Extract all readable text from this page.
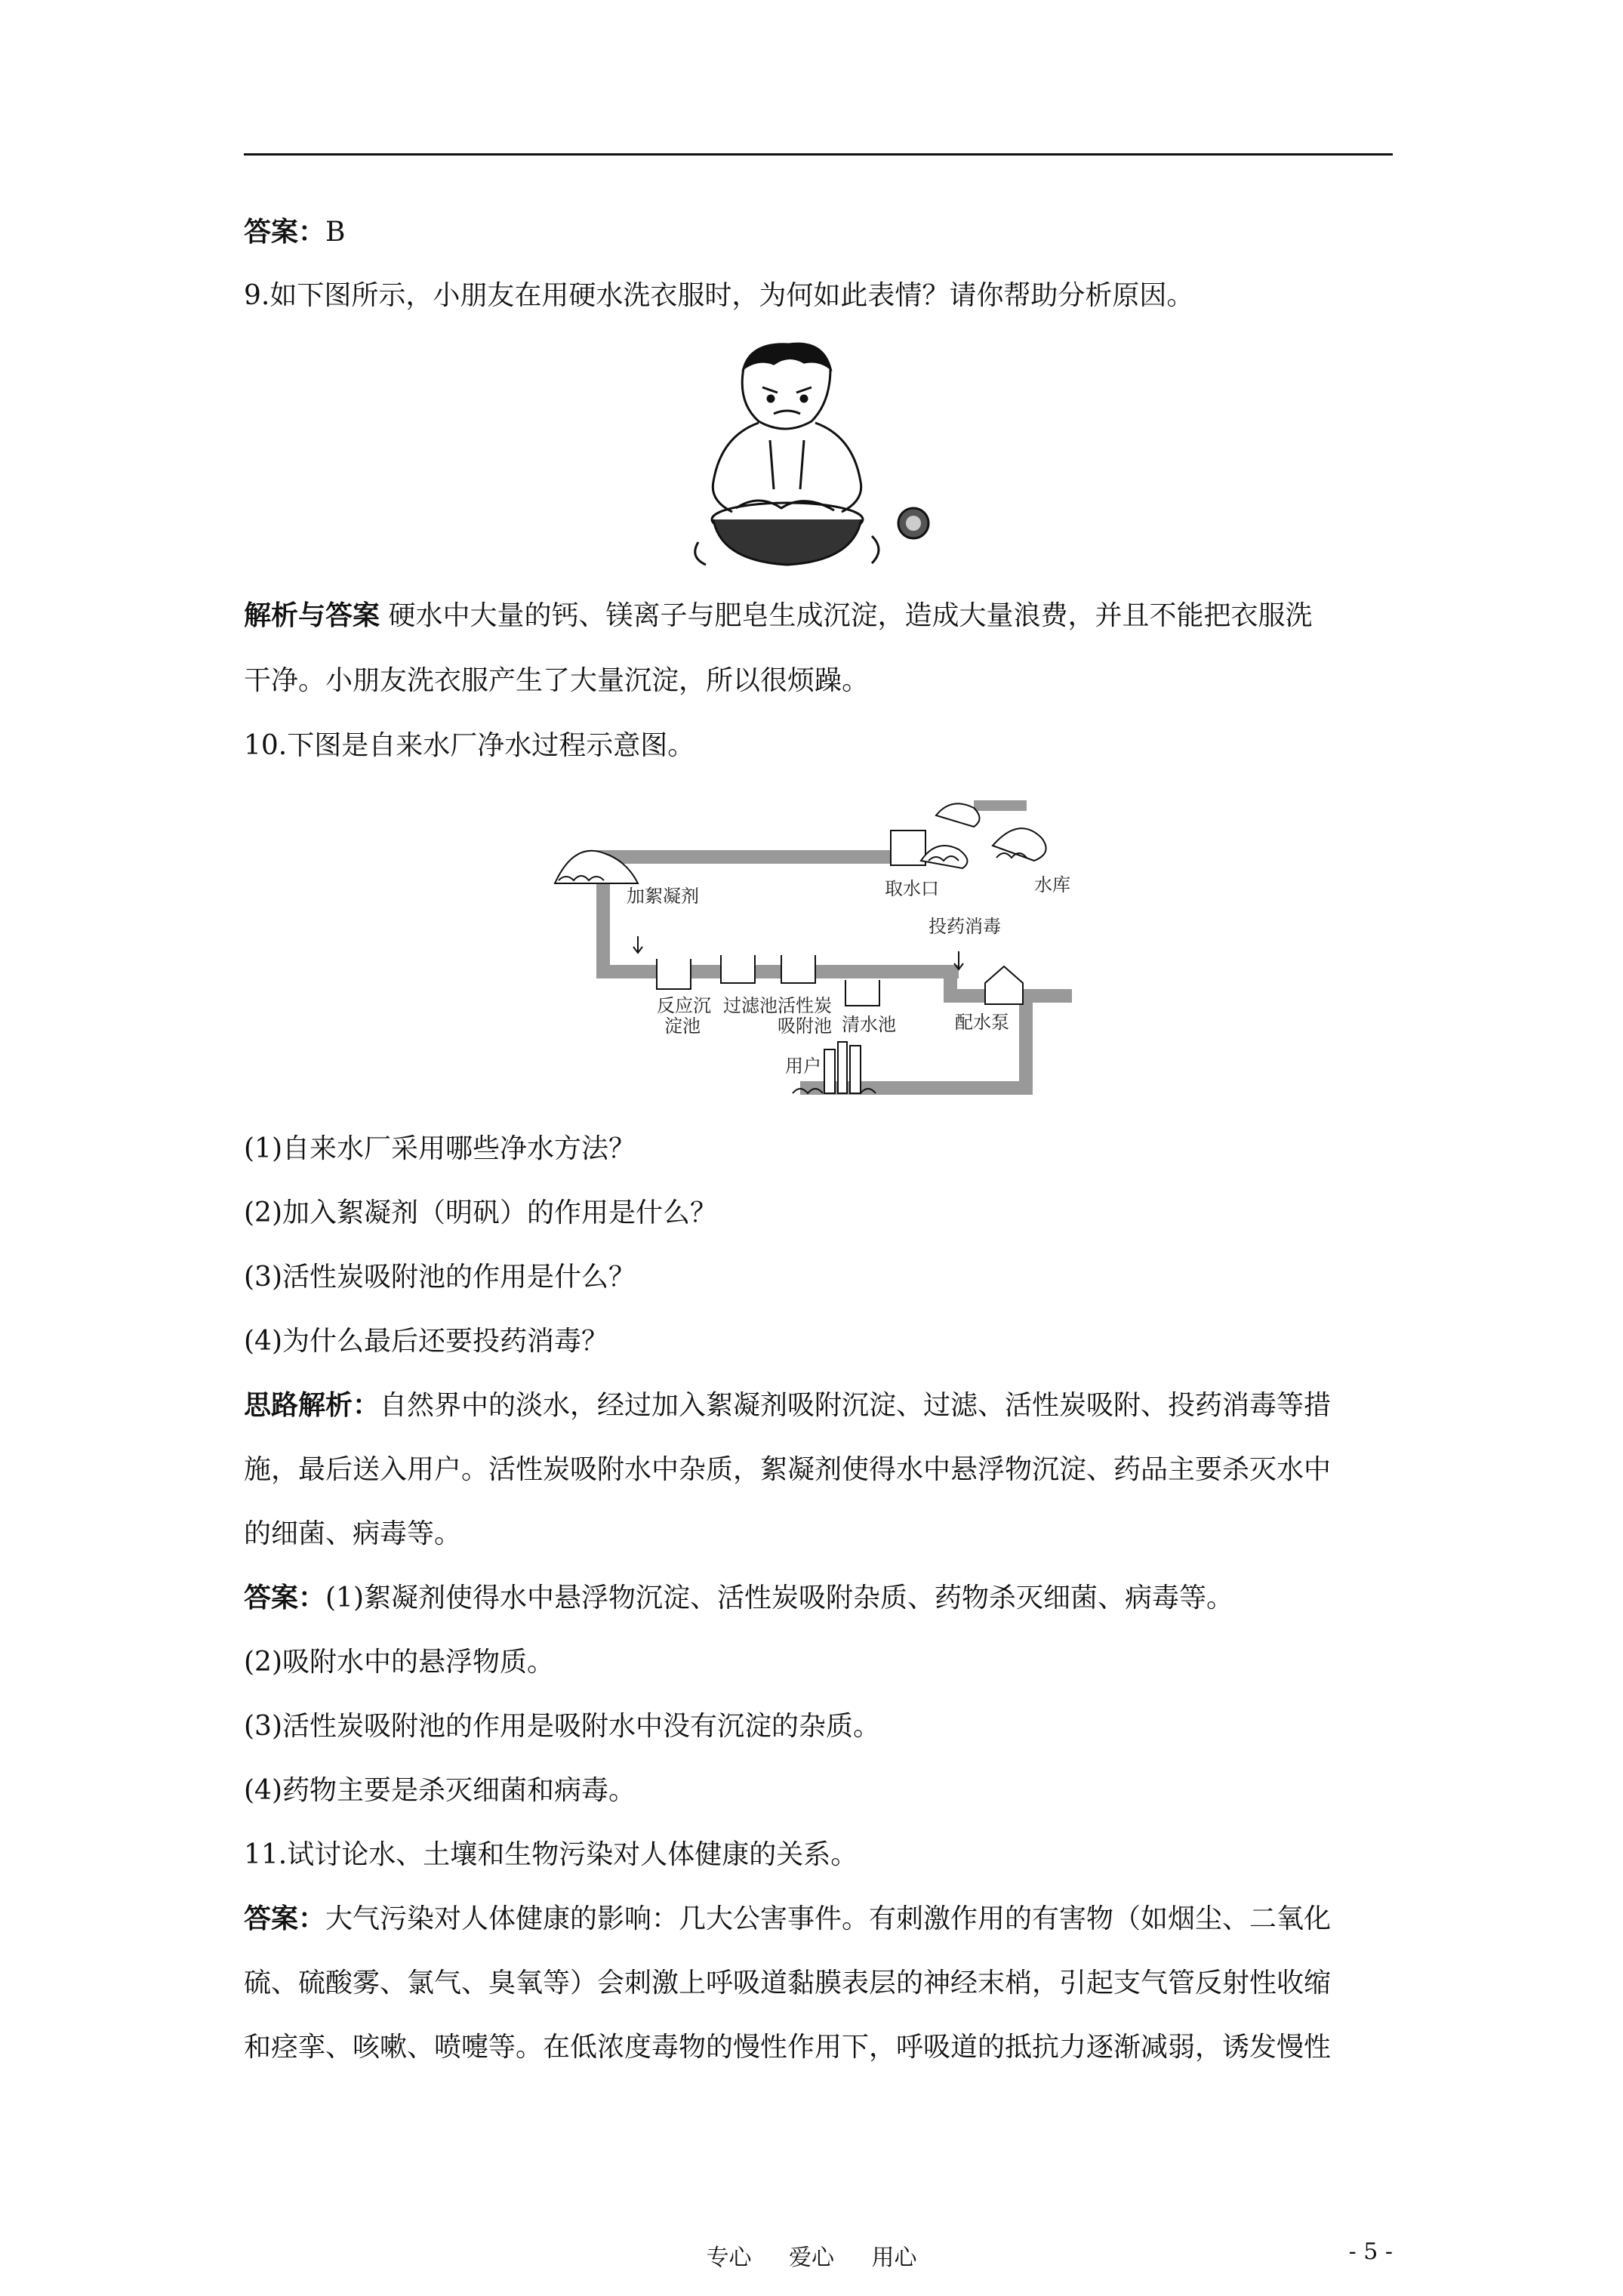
答案：B
9.如下图所示，小朋友在用硬水洗衣服时，为何如此表情？请你帮助分析原因。
解析与答案 硬水中大量的钙、镁离子与肥皂生成沉淀，造成大量浪费，并且不能把衣服洗
干净。小朋友洗衣服产生了大量沉淀，所以很烦躁。
10.下图是自来水厂净水过程示意图。
加絮凝剂	取水口	水库
投药消毒
反应沉
淀池
过滤池 活性炭
吸附池 清水池	配水泵
用户
(1)自来水厂采用哪些净水方法？
(2)加入絮凝剂（明矾）的作用是什么？
(3)活性炭吸附池的作用是什么？
(4)为什么最后还要投药消毒？
思路解析：自然界中的淡水，经过加入絮凝剂吸附沉淀、过滤、活性炭吸附、投药消毒等措
施，最后送入用户。活性炭吸附水中杂质，絮凝剂使得水中悬浮物沉淀、药品主要杀灭水中
的细菌、病毒等。
答案：(1)絮凝剂使得水中悬浮物沉淀、活性炭吸附杂质、药物杀灭细菌、病毒等。
(2)吸附水中的悬浮物质。
(3)活性炭吸附池的作用是吸附水中没有沉淀的杂质。
(4)药物主要是杀灭细菌和病毒。
11.试讨论水、土壤和生物污染对人体健康的关系。
答案：大气污染对人体健康的影响：几大公害事件。有刺激作用的有害物（如烟尘、二氧化
硫、硫酸雾、氯气、臭氧等）会刺激上呼吸道黏膜表层的神经末梢，引起支气管反射性收缩
和痉挛、咳嗽、喷嚏等。在低浓度毒物的慢性作用下，呼吸道的抵抗力逐渐减弱，诱发慢性
专心 爱心 用心	- 5 -
